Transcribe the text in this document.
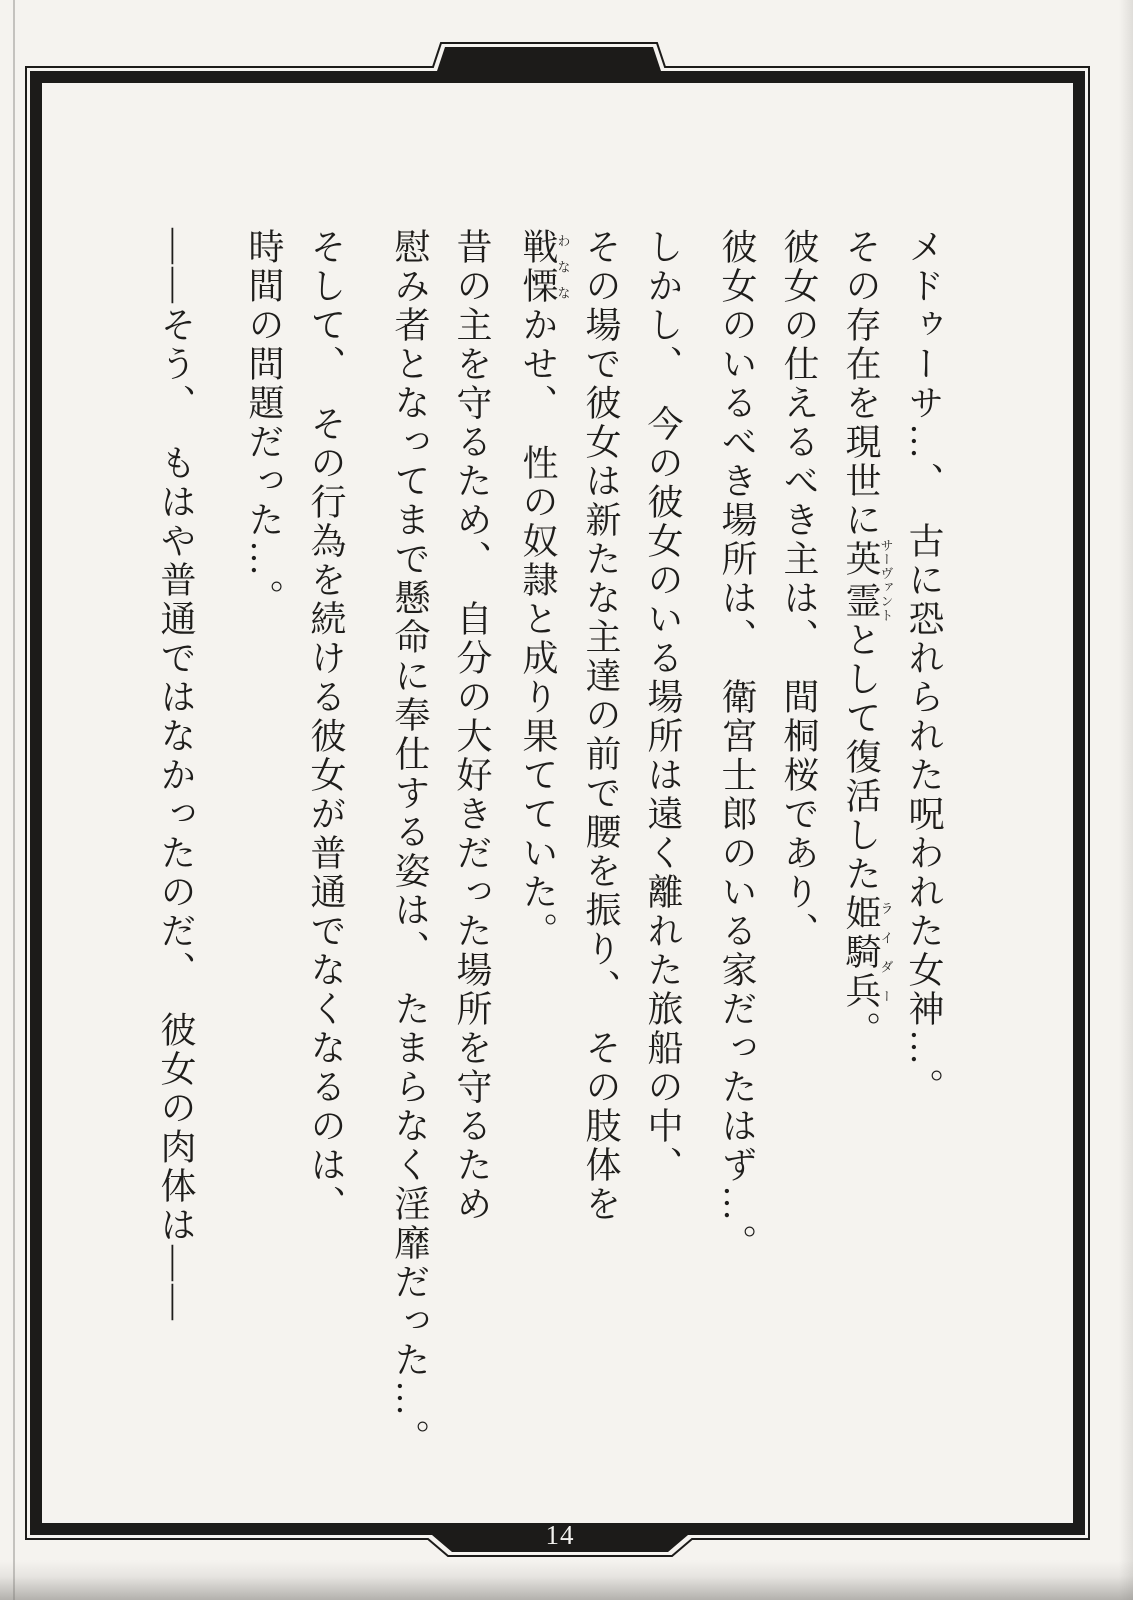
14

メドゥーサ…、　古に恐れられた呪われた女神…。

その存在を現世に英霊サーヴァントとして復活した姫騎兵ライダー。

彼女の仕えるべき主は、　間桐桜であり、

彼女のいるべき場所は、　衛宮士郎のいる家だったはず…。

しかし、　今の彼女のいる場所は遠く離れた旅船の中、

その場で彼女は新たな主達の前で腰を振り、　その肢体を

戦慄わななかせ、　性の奴隷と成り果てていた。

昔の主を守るため、　自分の大好きだった場所を守るため

慰み者となってまで懸命に奉仕する姿は、　たまらなく淫靡だった…。

そして、　その行為を続ける彼女が普通でなくなるのは、

時間の問題だった…。

――そう、　もはや普通ではなかったのだ、　彼女の肉体は――
